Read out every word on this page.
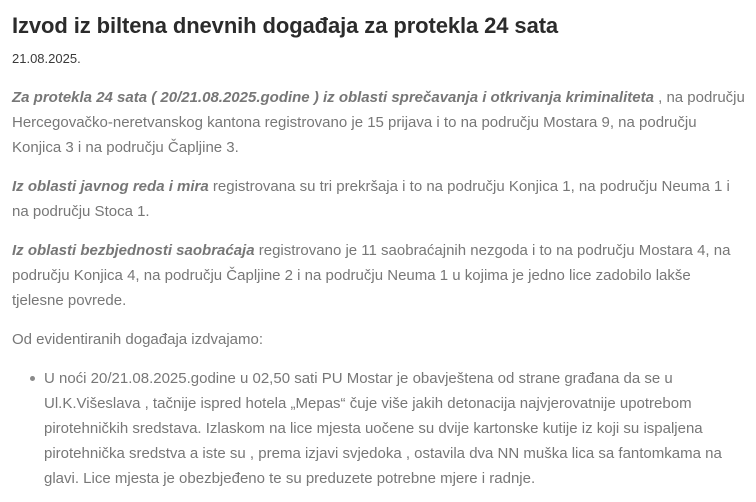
Izvod iz biltena dnevnih događaja za protekla 24 sata
21.08.2025.

Za protekla 24 sata ( 20/21.08.2025.godine ) iz oblasti sprečavanja i otkrivanja kriminaliteta , na području Hercegovačko-neretvanskog kantona registrovano je 15 prijava i to na području Mostara 9, na području Konjica 3 i na području Čapljine 3.

Iz oblasti javnog reda i mira registrovana su tri prekršaja i to na području Konjica 1, na području Neuma 1 i na području Stoca 1.

Iz oblasti bezbjednosti saobraćaja registrovano je 11 saobraćajnih nezgoda i to na području Mostara 4, na području Konjica 4, na području Čapljine 2 i na području Neuma 1 u kojima je jedno lice zadobilo lakše tjelesne povrede.

Od evidentiranih događaja izdvajamo:

U noći 20/21.08.2025.godine u 02,50 sati PU Mostar je obavještena od strane građana da se u Ul.K.Višeslava , tačnije ispred hotela „Mepas“ čuje više jakih detonacija najvjerovatnije upotrebom pirotehničkih sredstava. Izlaskom na lice mjesta uočene su dvije kartonske kutije iz koji su ispaljena pirotehnička sredstva a iste su , prema izjavi svjedoka , ostavila dva NN muška lica sa fantomkama na glavi. Lice mjesta je obezbjeđeno te su preduzete potrebne mjere i radnje.
